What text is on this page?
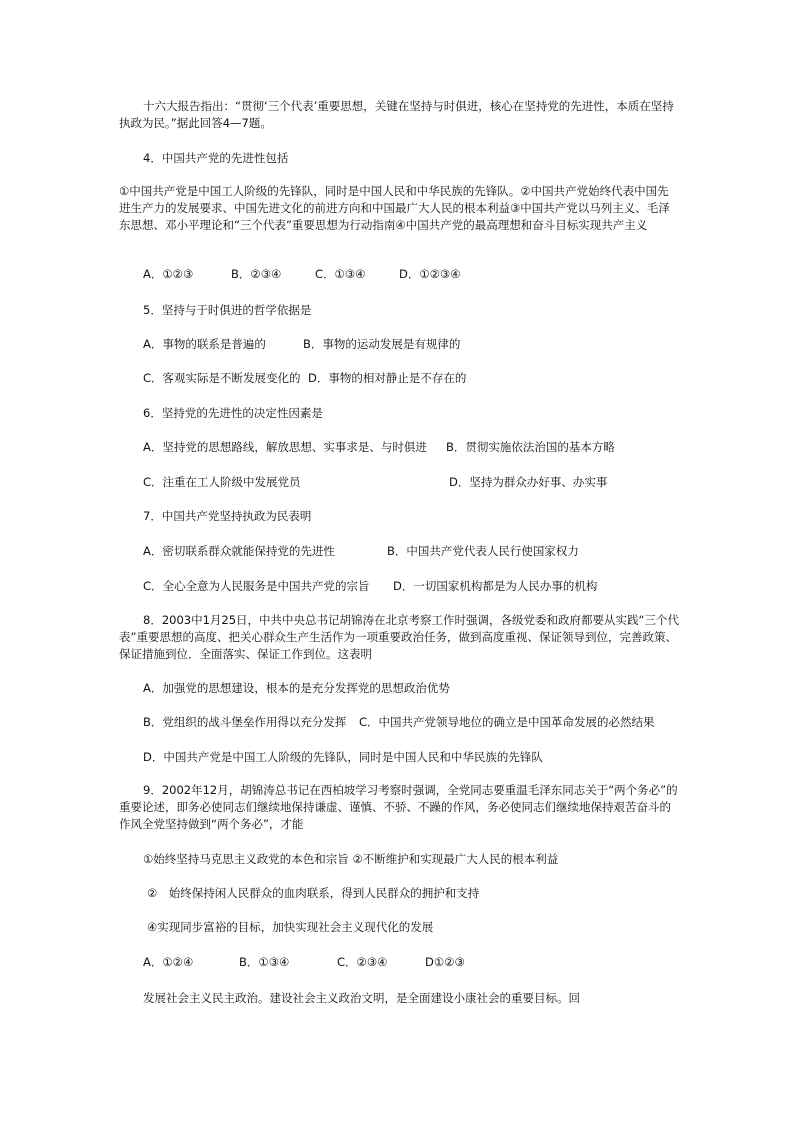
十六大报告指出：“贯彻‘三个代表’重要思想，关键在坚持与时俱进，核心在坚持党的先进性，本质在坚持执政为民。”据此回答4—7题。

4．中国共产党的先进性包括

①中国共产党是中国工人阶级的先锋队，同时是中国人民和中华民族的先锋队。②中国共产党始终代表中国先进生产力的发展要求、中国先进文化的前进方向和中国最广大人民的根本利益③中国共产党以马列主义、毛泽东思想、邓小平理论和“三个代表”重要思想为行动指南④中国共产党的最高理想和奋斗目标实现共产主义

A．①②③	B．②③④	C．①③④	D．①②③④

5．坚持与于时俱进的哲学依据是

A．事物的联系是普遍的	B．事物的运动发展是有规律的

C．客观实际是不断发展变化的 D．事物的相对静止是不存在的

6．坚持党的先进性的决定性因素是

A．坚持党的思想路线，解放思想、实事求是、与时俱进 B．贯彻实施依法治国的基本方略

C．注重在工人阶级中发展党员	D．坚持为群众办好事、办实事

7．中国共产党坚持执政为民表明

A．密切联系群众就能保持党的先进性	B．中国共产党代表人民行使国家权力

C．全心全意为人民服务是中国共产党的宗旨 D．一切国家机构都是为人民办事的机构

8．2003中1月25日，中共中央总书记胡锦涛在北京考察工作时强调，各级党委和政府都要从实践“三个代表”重要思想的高度、把关心群众生产生活作为一项重要政治任务，做到高度重视、保证领导到位，完善政策、保证措施到位．全面落实、保证工作到位。这表明

A．加强党的思想建设，根本的是充分发挥党的思想政治优势

B．党组织的战斗堡垒作用得以充分发挥 C．中国共产党领导地位的确立是中国革命发展的必然结果

D．中国共产党是中国工人阶级的先锋队，同时是中国人民和中华民族的先锋队

9．2002年12月，胡锦涛总书记在西柏坡学习考察时强调，全党同志要重温毛泽东同志关于“两个务必”的重要论述，即务必使同志们继续地保持谦虚、谨慎、不骄、不躁的作风，务必使同志们继续地保持艰苦奋斗的作风全党坚持做到“两个务必”，才能

①始终坚持马克思主义政党的本色和宗旨 ②不断维护和实现最广大人民的根本利益

②　始终保持闲人民群众的血肉联系，得到人民群众的拥护和支持

④实现同步富裕的目标，加快实现社会主义现代化的发展

A．①②④	B．①③④	C．②③④	D①②③

发展社会主义民主政治。建设社会主义政治文明，是全面建设小康社会的重要目标。回
